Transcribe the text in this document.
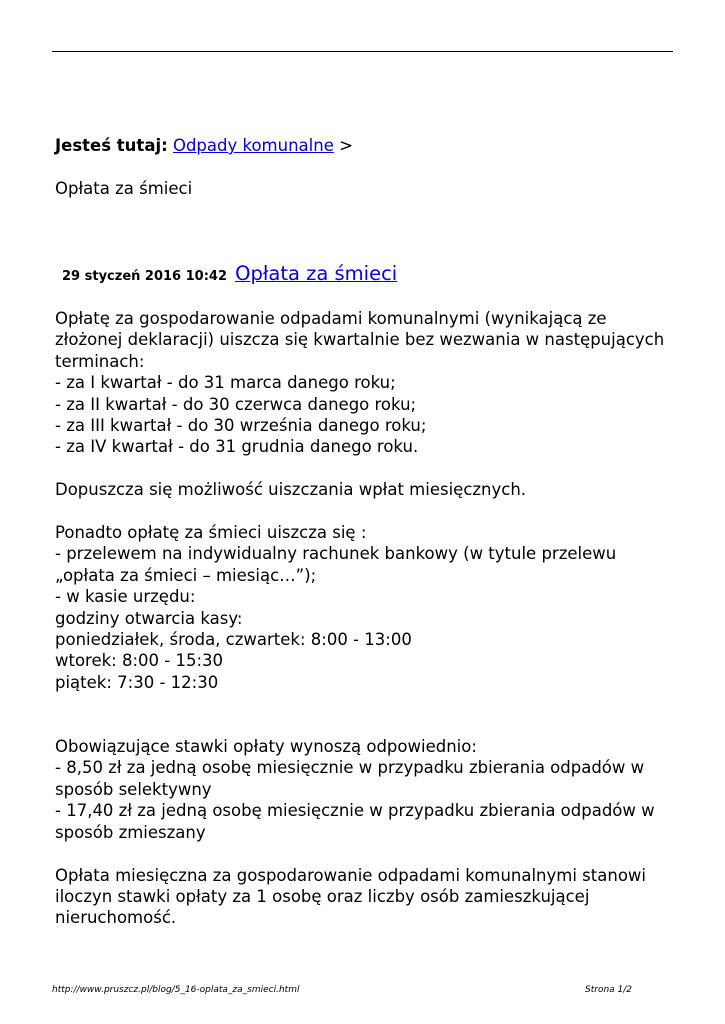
Jesteś tutaj: Odpady komunalne >
Opłata za śmieci
29 styczeń 2016 10:42 Opłata za śmieci
Opłatę za gospodarowanie odpadami komunalnymi (wynikającą ze złożonej deklaracji) uiszcza się kwartalnie bez wezwania w następujących terminach:
- za I kwartał - do 31 marca danego roku;
- za II kwartał - do 30 czerwca danego roku;
- za III kwartał - do 30 września danego roku;
- za IV kwartał - do 31 grudnia danego roku.
Dopuszcza się możliwość uiszczania wpłat miesięcznych.
Ponadto opłatę za śmieci uiszcza się :
- przelewem na indywidualny rachunek bankowy (w tytule przelewu
„opłata za śmieci – miesiąc…”);
- w kasie urzędu:
godziny otwarcia kasy:
poniedziałek, środa, czwartek: 8:00 - 13:00
wtorek: 8:00 - 15:30
piątek: 7:30 - 12:30
Obowiązujące stawki opłaty wynoszą odpowiednio:
- 8,50 zł za jedną osobę miesięcznie w przypadku zbierania odpadów w sposób selektywny
- 17,40 zł za jedną osobę miesięcznie w przypadku zbierania odpadów w sposób zmieszany
Opłata miesięczna za gospodarowanie odpadami komunalnymi stanowi iloczyn stawki opłaty za 1 osobę oraz liczby osób zamieszkującej nieruchomość.
http://www.pruszcz.pl/blog/5_16-oplata_za_smieci.html	Strona 1/2
